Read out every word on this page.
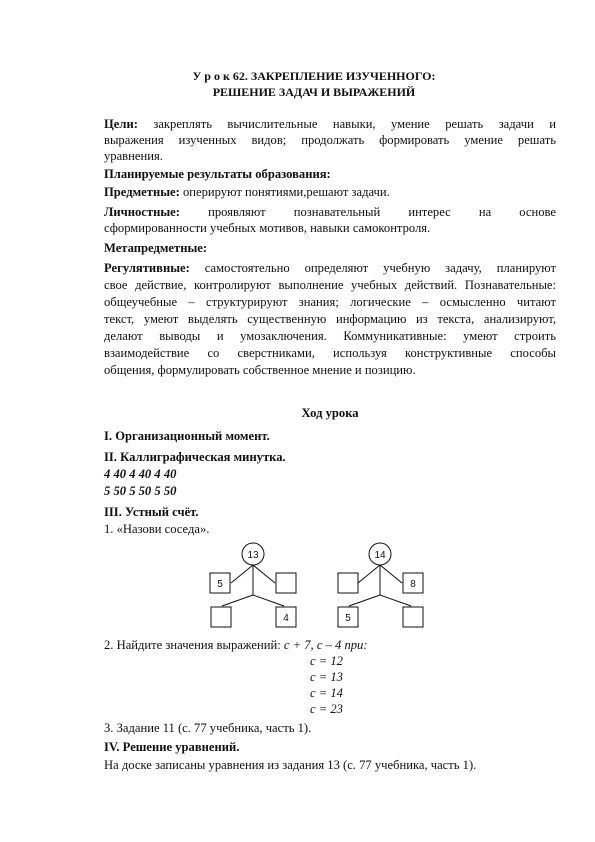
У р о к 62. ЗАКРЕПЛЕНИЕ ИЗУЧЕННОГО:
РЕШЕНИЕ ЗАДАЧ И ВЫРАЖЕНИЙ
Цели: закреплять вычислительные навыки, умение решать задачи и
выражения изученных видов; продолжать формировать умение решать
уравнения.
Планируемые результаты образования:
Предметные: оперируют понятиями,решают задачи.
Личностные: проявляют познавательный интерес на основе
сформированности учебных мотивов, навыки самоконтроля.
Метапредметные:
Регулятивные: самостоятельно определяют учебную задачу, планируют
свое действие, контролируют выполнение учебных действий. Познавательные:
общеучебные – структурируют знания; логические – осмысленно читают
текст, умеют выделять существенную информацию из текста, анализируют,
делают выводы и умозаключения. Коммуникативные: умеют строить
взаимодействие со сверстниками, используя конструктивные способы
общения, формулировать собственное мнение и позицию.
Ход урока
I. Организационный момент.
II. Каллиграфическая минутка.
4 40 4 40 4 40
5 50 5 50 5 50
III. Устный счёт.
1. «Назови соседа».
2. Найдите значения выражений: c + 7, c – 4 при:
c = 12
c = 13
c = 14
c = 23
3. Задание 11 (с. 77 учебника, часть 1).
IV. Решение уравнений.
На доске записаны уравнения из задания 13 (с. 77 учебника, часть 1).
13
5
4
14
8
5
